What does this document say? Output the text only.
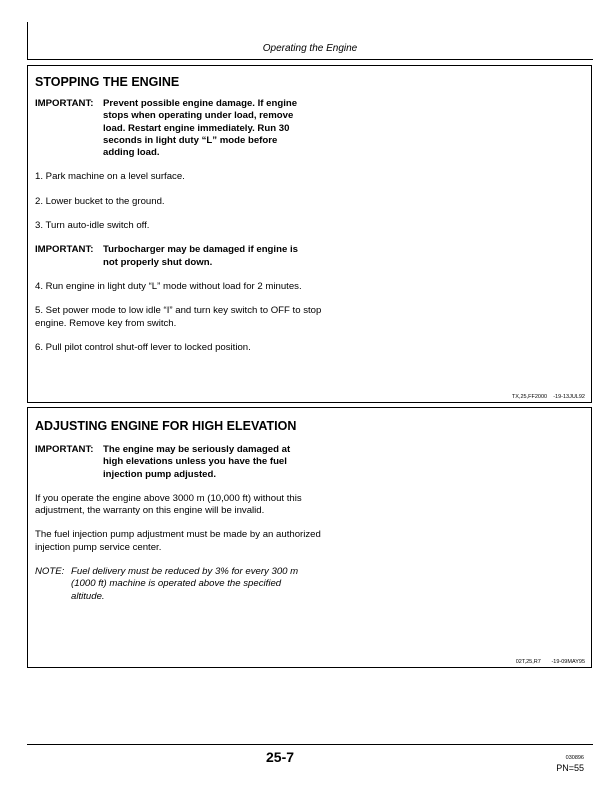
Operating the Engine
STOPPING THE ENGINE
IMPORTANT: Prevent possible engine damage. If engine stops when operating under load, remove load. Restart engine immediately. Run 30 seconds in light duty “L” mode before adding load.

1. Park machine on a level surface.

2. Lower bucket to the ground.

3. Turn auto-idle switch off.

IMPORTANT: Turbocharger may be damaged if engine is not properly shut down.

4. Run engine in light duty “L” mode without load for 2 minutes.

5. Set power mode to low idle “I” and turn key switch to OFF to stop engine. Remove key from switch.

6. Pull pilot control shut-off lever to locked position.

TX,25,FF2000    -19-13JUL92
ADJUSTING ENGINE FOR HIGH ELEVATION
IMPORTANT: The engine may be seriously damaged at high elevations unless you have the fuel injection pump adjusted.

If you operate the engine above 3000 m (10,000 ft) without this adjustment, the warranty on this engine will be invalid.

The fuel injection pump adjustment must be made by an authorized injection pump service center.

NOTE: Fuel delivery must be reduced by 3% for every 300 m (1000 ft) machine is operated above the specified altitude.
02T,25,R7       -19-09MAY95
25-7	030896
PN=55
